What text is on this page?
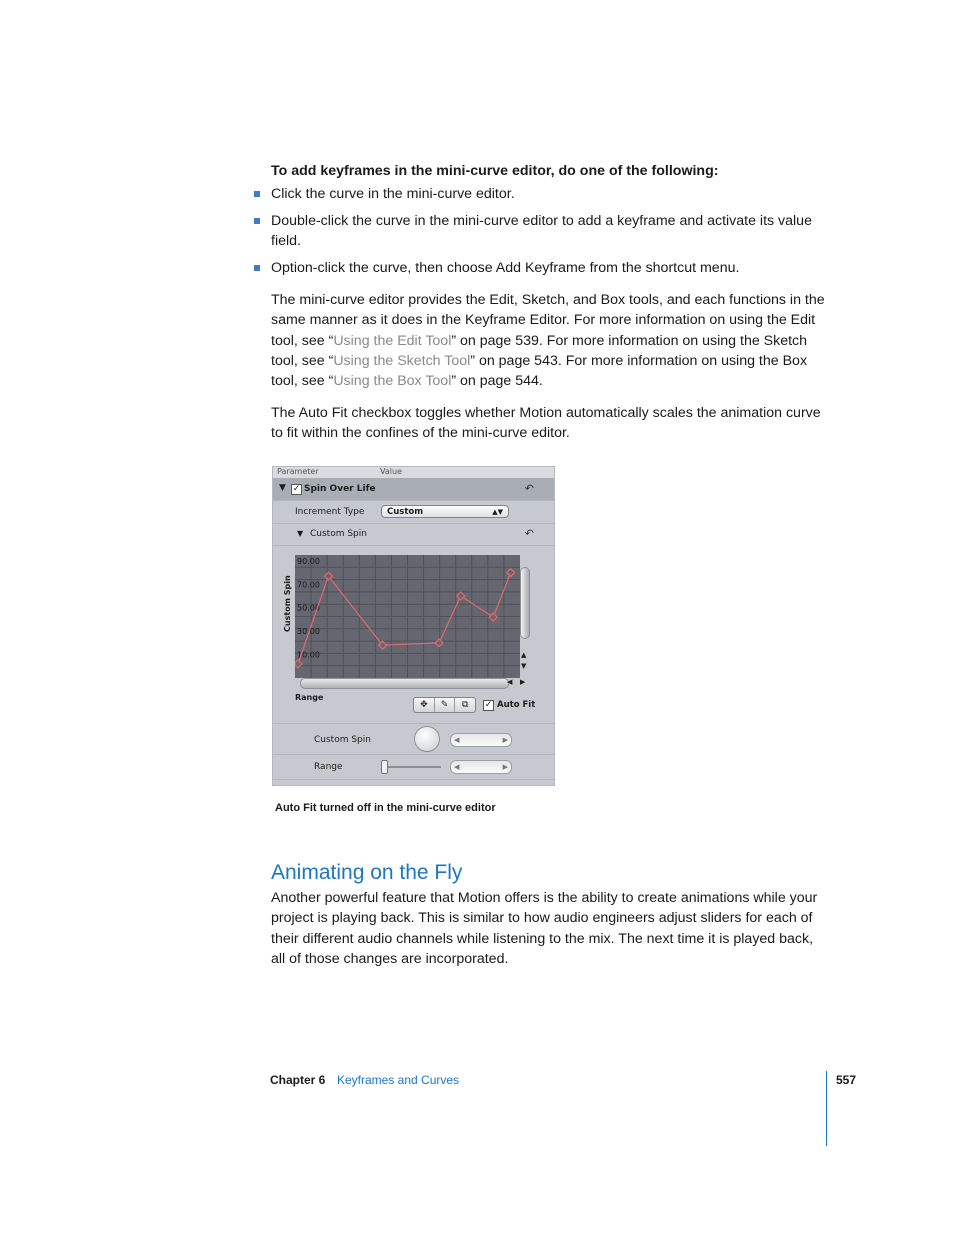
To add keyframes in the mini-curve editor, do one of the following:
Click the curve in the mini-curve editor.
Double-click the curve in the mini-curve editor to add a keyframe and activate its value field.
Option-click the curve, then choose Add Keyframe from the shortcut menu.

The mini-curve editor provides the Edit, Sketch, and Box tools, and each functions in the same manner as it does in the Keyframe Editor. For more information on using the Edit tool, see “Using the Edit Tool” on page 539. For more information on using the Sketch tool, see “Using the Sketch Tool” on page 543. For more information on using the Box tool, see “Using the Box Tool” on page 544.

The Auto Fit checkbox toggles whether Motion automatically scales the animation curve to fit within the confines of the mini-curve editor.

Parameter	Value
▼ ✓ Spin Over Life	↶
Increment Type	Custom	▲▼
▼ Custom Spin	↶
Custom Spin
90.00
70.00
50.00
30.00
10.00	▲
▼
◀ ▶
Range
✥	✎	⧉	✓ Auto Fit
Custom Spin	◀	▶
Range	◀	▶
Auto Fit turned off in the mini-curve editor
Animating on the Fly

Another powerful feature that Motion offers is the ability to create animations while your project is playing back. This is similar to how audio engineers adjust sliders for each of their different audio channels while listening to the mix. The next time it is played back, all of those changes are incorporated.

Chapter 6 Keyframes and Curves	557
